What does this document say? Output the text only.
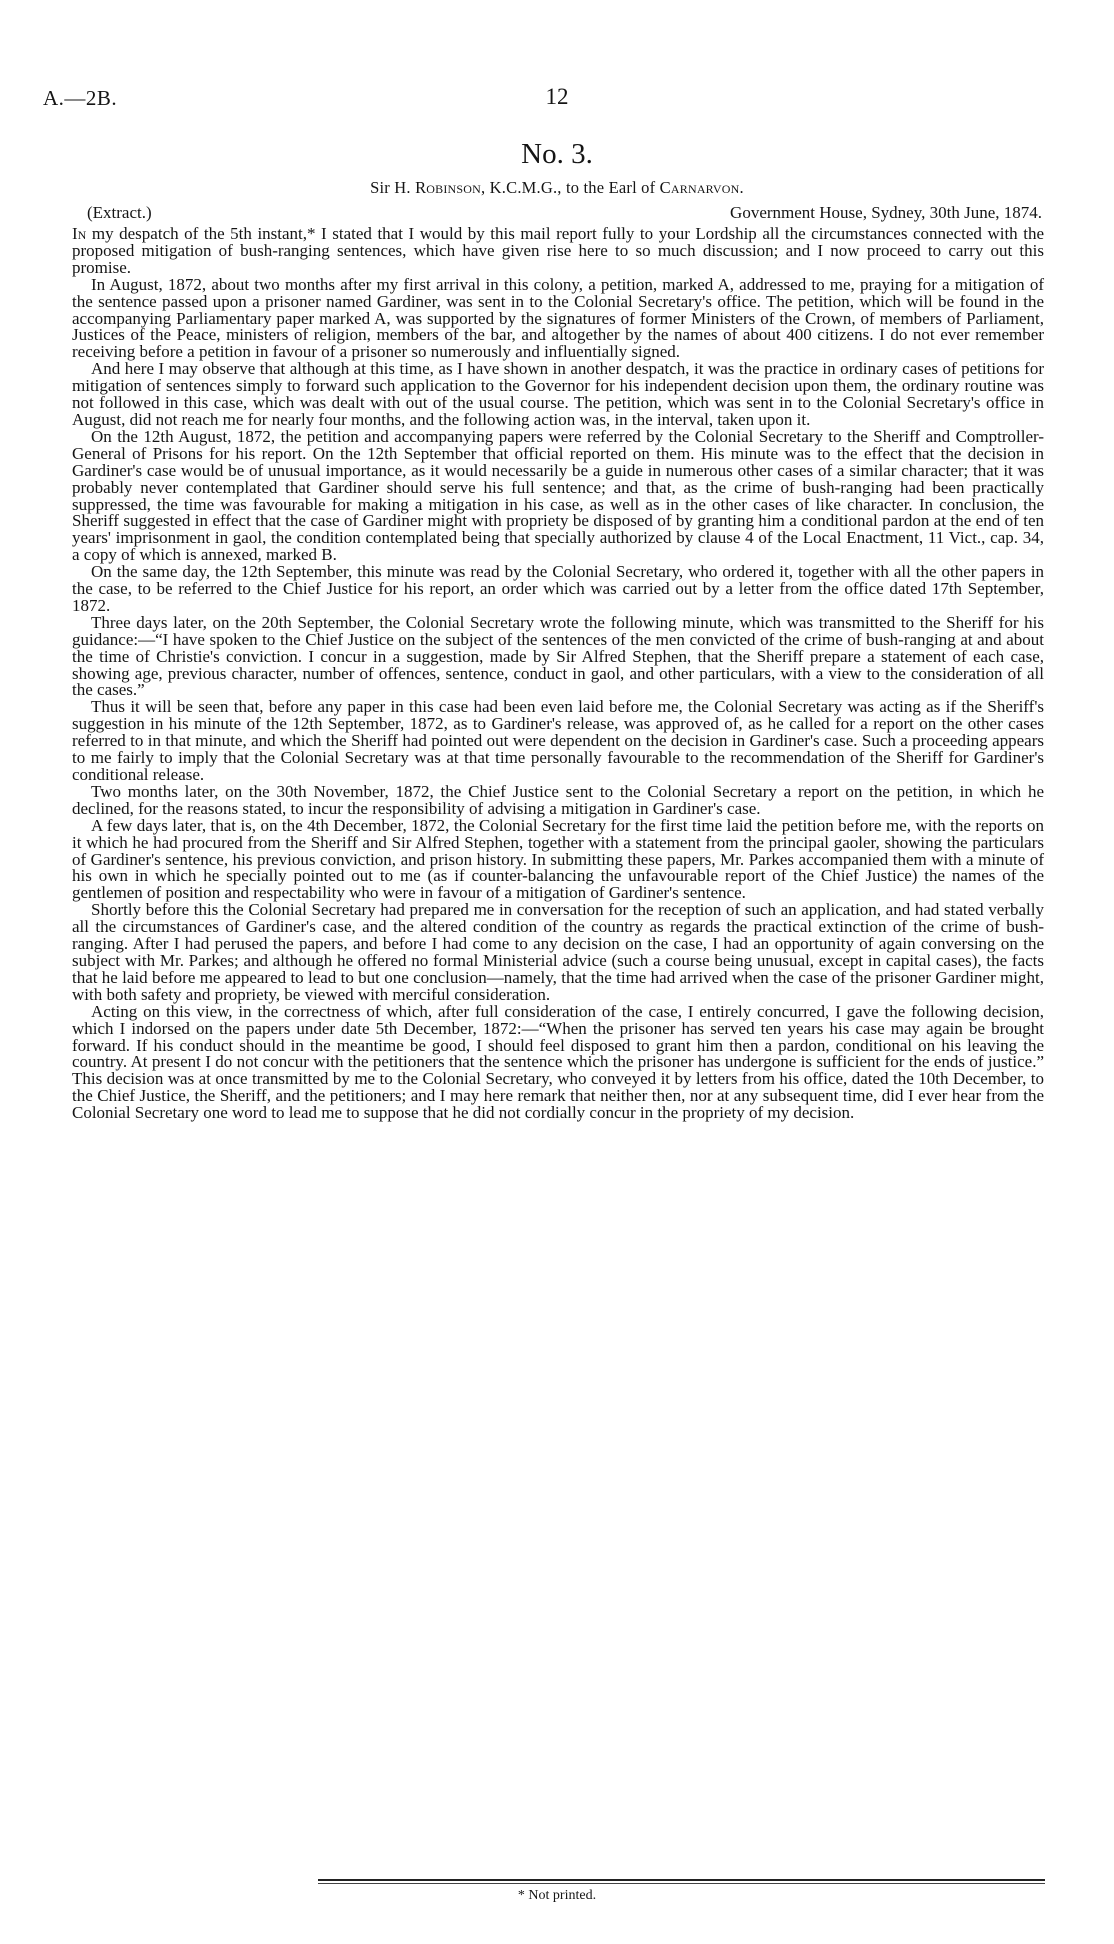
A.—2B.	12
No. 3.
Sir H. Robinson, K.C.M.G., to the Earl of Carnarvon.
(Extract.)	Government House, Sydney, 30th June, 1874.

In my despatch of the 5th instant,* I stated that I would by this mail report fully to your Lordship all the circumstances connected with the proposed mitigation of bush-ranging sentences, which have given rise here to so much discussion; and I now proceed to carry out this promise.

In August, 1872, about two months after my first arrival in this colony, a petition, marked A, addressed to me, praying for a mitigation of the sentence passed upon a prisoner named Gardiner, was sent in to the Colonial Secretary's office. The petition, which will be found in the accompanying Parliamentary paper marked A, was supported by the signatures of former Ministers of the Crown, of members of Parliament, Justices of the Peace, ministers of religion, members of the bar, and altogether by the names of about 400 citizens. I do not ever remember receiving before a petition in favour of a prisoner so numerously and influentially signed.

And here I may observe that although at this time, as I have shown in another despatch, it was the practice in ordinary cases of petitions for mitigation of sentences simply to forward such application to the Governor for his independent decision upon them, the ordinary routine was not followed in this case, which was dealt with out of the usual course. The petition, which was sent in to the Colonial Secretary's office in August, did not reach me for nearly four months, and the following action was, in the interval, taken upon it.

On the 12th August, 1872, the petition and accompanying papers were referred by the Colonial Secretary to the Sheriff and Comptroller-General of Prisons for his report. On the 12th September that official reported on them. His minute was to the effect that the decision in Gardiner's case would be of unusual importance, as it would necessarily be a guide in numerous other cases of a similar character; that it was probably never contemplated that Gardiner should serve his full sentence; and that, as the crime of bush-ranging had been practically suppressed, the time was favourable for making a mitigation in his case, as well as in the other cases of like character. In conclusion, the Sheriff suggested in effect that the case of Gardiner might with propriety be disposed of by granting him a conditional pardon at the end of ten years' imprisonment in gaol, the condition contemplated being that specially authorized by clause 4 of the Local Enactment, 11 Vict., cap. 34, a copy of which is annexed, marked B.

On the same day, the 12th September, this minute was read by the Colonial Secretary, who ordered it, together with all the other papers in the case, to be referred to the Chief Justice for his report, an order which was carried out by a letter from the office dated 17th September, 1872.

Three days later, on the 20th September, the Colonial Secretary wrote the following minute, which was transmitted to the Sheriff for his guidance:—“I have spoken to the Chief Justice on the subject of the sentences of the men convicted of the crime of bush-ranging at and about the time of Christie's conviction. I concur in a suggestion, made by Sir Alfred Stephen, that the Sheriff prepare a statement of each case, showing age, previous character, number of offences, sentence, conduct in gaol, and other particulars, with a view to the consideration of all the cases.”

Thus it will be seen that, before any paper in this case had been even laid before me, the Colonial Secretary was acting as if the Sheriff's suggestion in his minute of the 12th September, 1872, as to Gardiner's release, was approved of, as he called for a report on the other cases referred to in that minute, and which the Sheriff had pointed out were dependent on the decision in Gardiner's case. Such a proceeding appears to me fairly to imply that the Colonial Secretary was at that time personally favourable to the recommendation of the Sheriff for Gardiner's conditional release.

Two months later, on the 30th November, 1872, the Chief Justice sent to the Colonial Secretary a report on the petition, in which he declined, for the reasons stated, to incur the responsibility of advising a mitigation in Gardiner's case.

A few days later, that is, on the 4th December, 1872, the Colonial Secretary for the first time laid the petition before me, with the reports on it which he had procured from the Sheriff and Sir Alfred Stephen, together with a statement from the principal gaoler, showing the particulars of Gardiner's sentence, his previous conviction, and prison history. In submitting these papers, Mr. Parkes accompanied them with a minute of his own in which he specially pointed out to me (as if counter-balancing the unfavourable report of the Chief Justice) the names of the gentlemen of position and respectability who were in favour of a mitigation of Gardiner's sentence.

Shortly before this the Colonial Secretary had prepared me in conversation for the reception of such an application, and had stated verbally all the circumstances of Gardiner's case, and the altered condition of the country as regards the practical extinction of the crime of bush-ranging. After I had perused the papers, and before I had come to any decision on the case, I had an opportunity of again conversing on the subject with Mr. Parkes; and although he offered no formal Ministerial advice (such a course being unusual, except in capital cases), the facts that he laid before me appeared to lead to but one conclusion—namely, that the time had arrived when the case of the prisoner Gardiner might, with both safety and propriety, be viewed with merciful consideration.

Acting on this view, in the correctness of which, after full consideration of the case, I entirely concurred, I gave the following decision, which I indorsed on the papers under date 5th December, 1872:—“When the prisoner has served ten years his case may again be brought forward. If his conduct should in the meantime be good, I should feel disposed to grant him then a pardon, conditional on his leaving the country. At present I do not concur with the petitioners that the sentence which the prisoner has undergone is sufficient for the ends of justice.” This decision was at once transmitted by me to the Colonial Secretary, who conveyed it by letters from his office, dated the 10th December, to the Chief Justice, the Sheriff, and the petitioners; and I may here remark that neither then, nor at any subsequent time, did I ever hear from the Colonial Secretary one word to lead me to suppose that he did not cordially concur in the propriety of my decision.

* Not printed.
